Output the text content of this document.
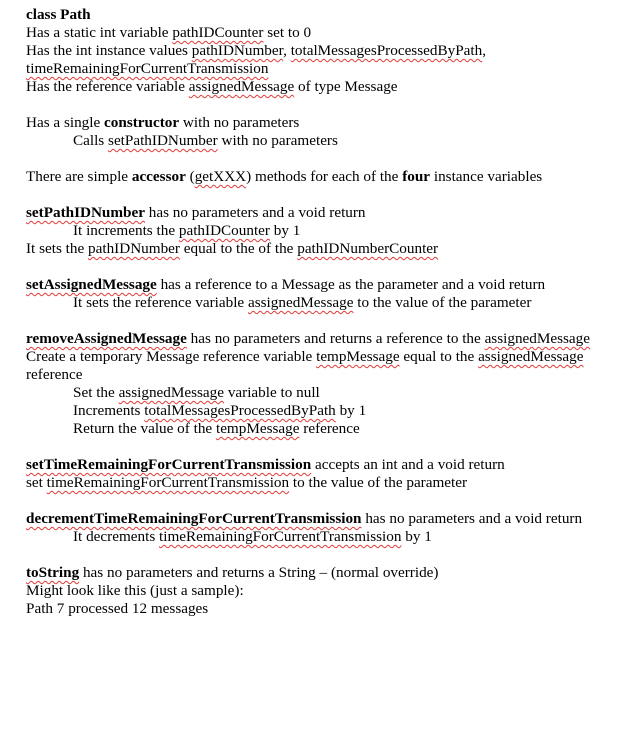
class Path
Has a static int variable pathIDCounter set to 0
Has the int instance values pathIDNumber, totalMessagesProcessedByPath,
timeRemainingForCurrentTransmission
Has the reference variable assignedMessage of type Message
Has a single constructor with no parameters
Calls setPathIDNumber with no parameters
There are simple accessor (getXXX) methods for each of the four instance variables
setPathIDNumber has no parameters and a void return
It increments the pathIDCounter by 1
It sets the pathIDNumber equal to the of the pathIDNumberCounter
setAssignedMessage has a reference to a Message as the parameter and a void return
It sets the reference variable assignedMessage to the value of the parameter
removeAssignedMessage has no parameters and returns a reference to the assignedMessage
Create a temporary Message reference variable tempMessage equal to the assignedMessage
reference
Set the assignedMessage variable to null
Increments totalMessagesProcessedByPath by 1
Return the value of the tempMessage reference
setTimeRemainingForCurrentTransmission accepts an int and a void return
set timeRemainingForCurrentTransmission to the value of the parameter
decrementTimeRemainingForCurrentTransmission has no parameters and a void return
It decrements timeRemainingForCurrentTransmission by 1
toString has no parameters and returns a String – (normal override)
Might look like this (just a sample):
Path 7 processed 12 messages
